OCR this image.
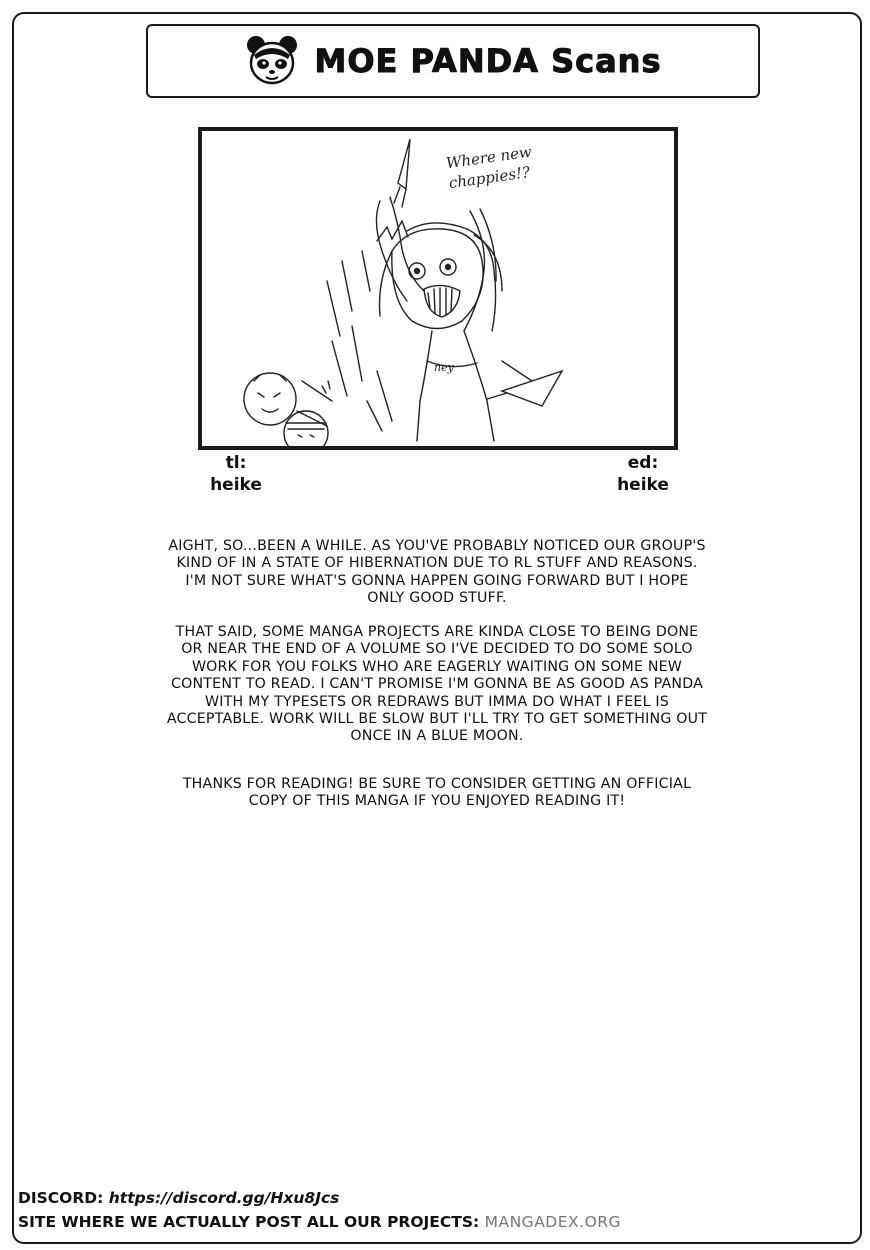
MOE PANDA Scans
ney
Where new chappies!?
tl:
heike
ed:
heike

AIGHT, SO...BEEN A WHILE. AS YOU'VE PROBABLY NOTICED OUR GROUP'S KIND OF IN A STATE OF HIBERNATION DUE TO RL STUFF AND REASONS. I'M NOT SURE WHAT'S GONNA HAPPEN GOING FORWARD BUT I HOPE ONLY GOOD STUFF.

THAT SAID, SOME MANGA PROJECTS ARE KINDA CLOSE TO BEING DONE OR NEAR THE END OF A VOLUME SO I'VE DECIDED TO DO SOME SOLO WORK FOR YOU FOLKS WHO ARE EAGERLY WAITING ON SOME NEW CONTENT TO READ. I CAN'T PROMISE I'M GONNA BE AS GOOD AS PANDA WITH MY TYPESETS OR REDRAWS BUT IMMA DO WHAT I FEEL IS ACCEPTABLE. WORK WILL BE SLOW BUT I'LL TRY TO GET SOMETHING OUT ONCE IN A BLUE MOON.

THANKS FOR READING! BE SURE TO CONSIDER GETTING AN OFFICIAL COPY OF THIS MANGA IF YOU ENJOYED READING IT!

DISCORD: https://discord.gg/Hxu8Jcs
SITE WHERE WE ACTUALLY POST ALL OUR PROJECTS: MANGADEX.ORG
